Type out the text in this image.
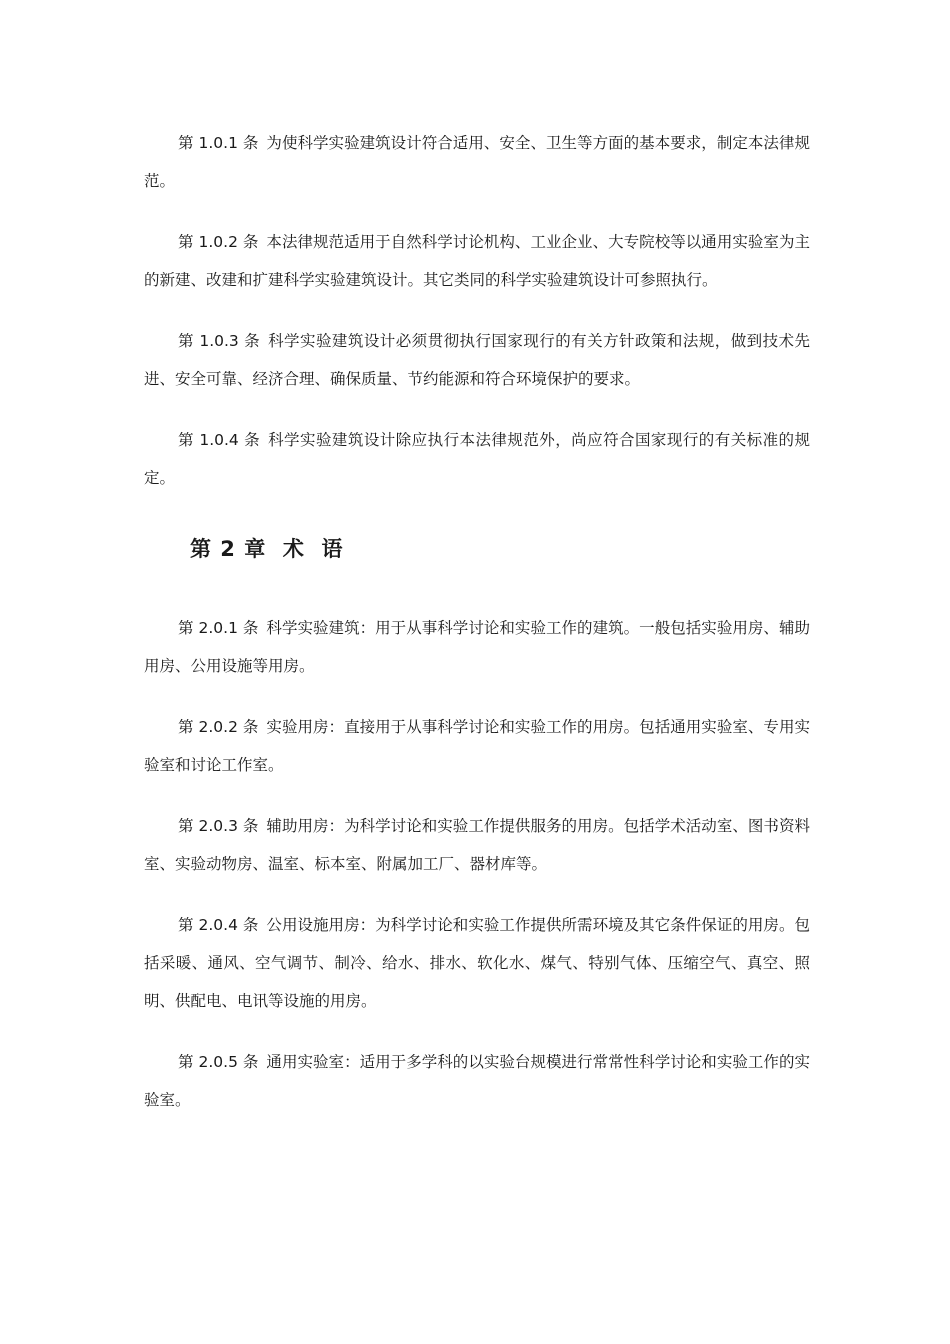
第 1.0.1 条 为使科学实验建筑设计符合适用、安全、卫生等方面的基本要求，制定本法律规范。

第 1.0.2 条 本法律规范适用于自然科学讨论机构、工业企业、大专院校等以通用实验室为主的新建、改建和扩建科学实验建筑设计。其它类同的科学实验建筑设计可参照执行。

第 1.0.3 条 科学实验建筑设计必须贯彻执行国家现行的有关方针政策和法规，做到技术先进、安全可靠、经济合理、确保质量、节约能源和符合环境保护的要求。

第 1.0.4 条 科学实验建筑设计除应执行本法律规范外，尚应符合国家现行的有关标准的规定。

第 2 章  术  语

第 2.0.1 条 科学实验建筑：用于从事科学讨论和实验工作的建筑。一般包括实验用房、辅助用房、公用设施等用房。

第 2.0.2 条 实验用房：直接用于从事科学讨论和实验工作的用房。包括通用实验室、专用实验室和讨论工作室。

第 2.0.3 条 辅助用房：为科学讨论和实验工作提供服务的用房。包括学术活动室、图书资料室、实验动物房、温室、标本室、附属加工厂、器材库等。

第 2.0.4 条 公用设施用房：为科学讨论和实验工作提供所需环境及其它条件保证的用房。包括采暖、通风、空气调节、制冷、给水、排水、软化水、煤气、特别气体、压缩空气、真空、照明、供配电、电讯等设施的用房。

第 2.0.5 条 通用实验室：适用于多学科的以实验台规模进行常常性科学讨论和实验工作的实验室。
